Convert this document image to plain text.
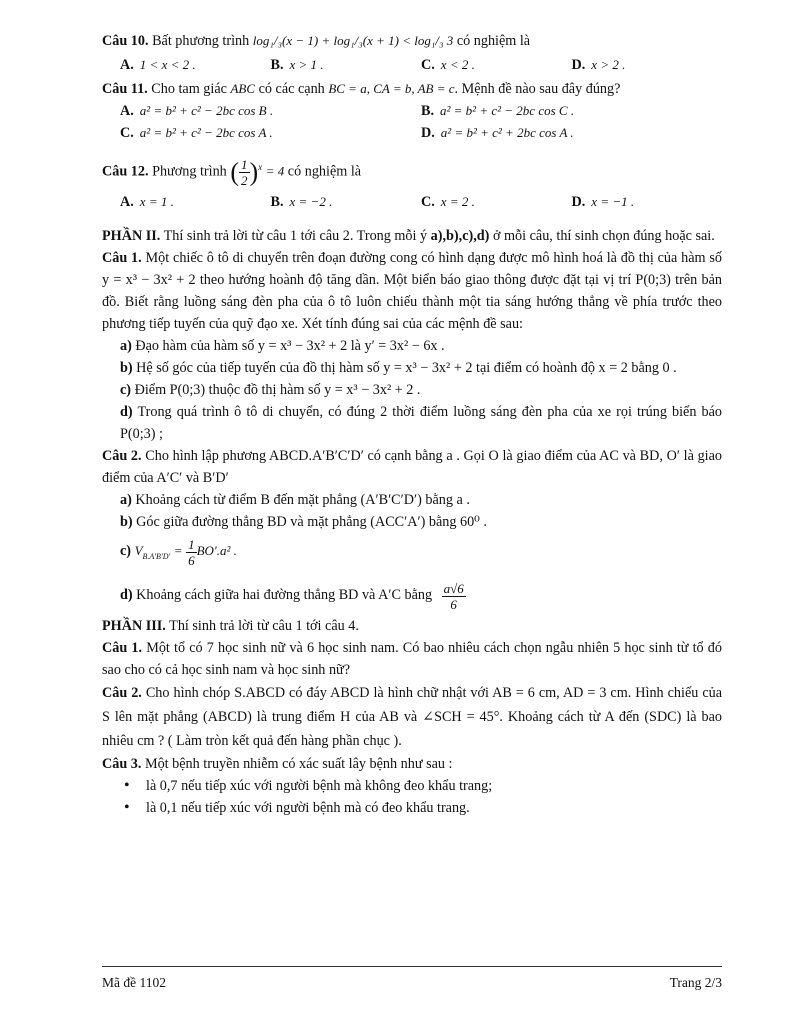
Câu 10. Bất phương trình log₁/₃(x − 1) + log₁/₃(x + 1) < log₁/₃ 3 có nghiệm là

A. 1 < x < 2 .	B. x > 1 .	C. x < 2 .	D. x > 2 .

Câu 11. Cho tam giác ABC có các cạnh BC = a, CA = b, AB = c. Mệnh đề nào sau đây đúng?

A. a² = b² + c² − 2bc cos B .	B. a² = b² + c² − 2bc cos C .
C. a² = b² + c² − 2bc cos A .	D. a² = b² + c² + 2bc cos A .

Câu 12. Phương trình ( $\frac{1}{2} )^x = 4$ có nghiệm là

A. x = 1 .	B. x = −2 .	C. x = 2 .	D. x = −1 .

PHẦN II. Thí sinh trả lời từ câu 1 tới câu 2. Trong mỗi ý a),b),c),d) ở mỗi câu, thí sinh chọn đúng hoặc sai.

Câu 1. Một chiếc ô tô di chuyển trên đoạn đường cong có hình dạng được mô hình hoá là đồ thị của hàm số y = x³ − 3x² + 2 theo hướng hoành độ tăng dần. Một biển báo giao thông được đặt tại vị trí P(0;3) trên bản đồ. Biết rằng luồng sáng đèn pha của ô tô luôn chiếu thành một tia sáng hướng thẳng về phía trước theo phương tiếp tuyến của quỹ đạo xe. Xét tính đúng sai của các mệnh đề sau:

a) Đạo hàm của hàm số y = x³ − 3x² + 2 là y′ = 3x² − 6x .

b) Hệ số góc của tiếp tuyến của đồ thị hàm số y = x³ − 3x² + 2 tại điểm có hoành độ x = 2 bằng 0 .

c) Điểm P(0;3) thuộc đồ thị hàm số y = x³ − 3x² + 2 .

d) Trong quá trình ô tô di chuyển, có đúng 2 thời điểm luồng sáng đèn pha của xe rọi trúng biển báo P(0;3) ;

Câu 2. Cho hình lập phương ABCD.A′B′C′D′ có cạnh bằng a . Gọi O là giao điểm của AC và BD, O′ là giao điểm của A′C′ và B′D′

a) Khoảng cách từ điểm B đến mặt phẳng (A′B′C′D′) bằng a .

b) Góc giữa đường thẳng BD và mặt phẳng (ACC′A′) bằng 60⁰ .

c) $V_{B.A'B'D'} = \frac{1}{6} BO'.a^2$ .

d) Khoảng cách giữa hai đường thẳng BD và A′C bằng $\frac{a√6}{6}$

PHẦN III. Thí sinh trả lời từ câu 1 tới câu 4.

Câu 1. Một tổ có 7 học sinh nữ và 6 học sinh nam. Có bao nhiêu cách chọn ngẫu nhiên 5 học sinh từ tổ đó sao cho có cả học sinh nam và học sinh nữ?

Câu 2. Cho hình chóp S.ABCD có đáy ABCD là hình chữ nhật với AB = 6 cm, AD = 3 cm. Hình chiếu của S lên mặt phẳng (ABCD) là trung điểm H của AB và ∠SCH = 45°. Khoảng cách từ A đến (SDC) là bao nhiêu cm ? ( Làm tròn kết quả đến hàng phần chục ).

Câu 3. Một bệnh truyền nhiễm có xác suất lây bệnh như sau :

• là 0,7 nếu tiếp xúc với người bệnh mà không đeo khẩu trang;
• là 0,1 nếu tiếp xúc với người bệnh mà có đeo khẩu trang.
Mã đề 1102	Trang 2/3
